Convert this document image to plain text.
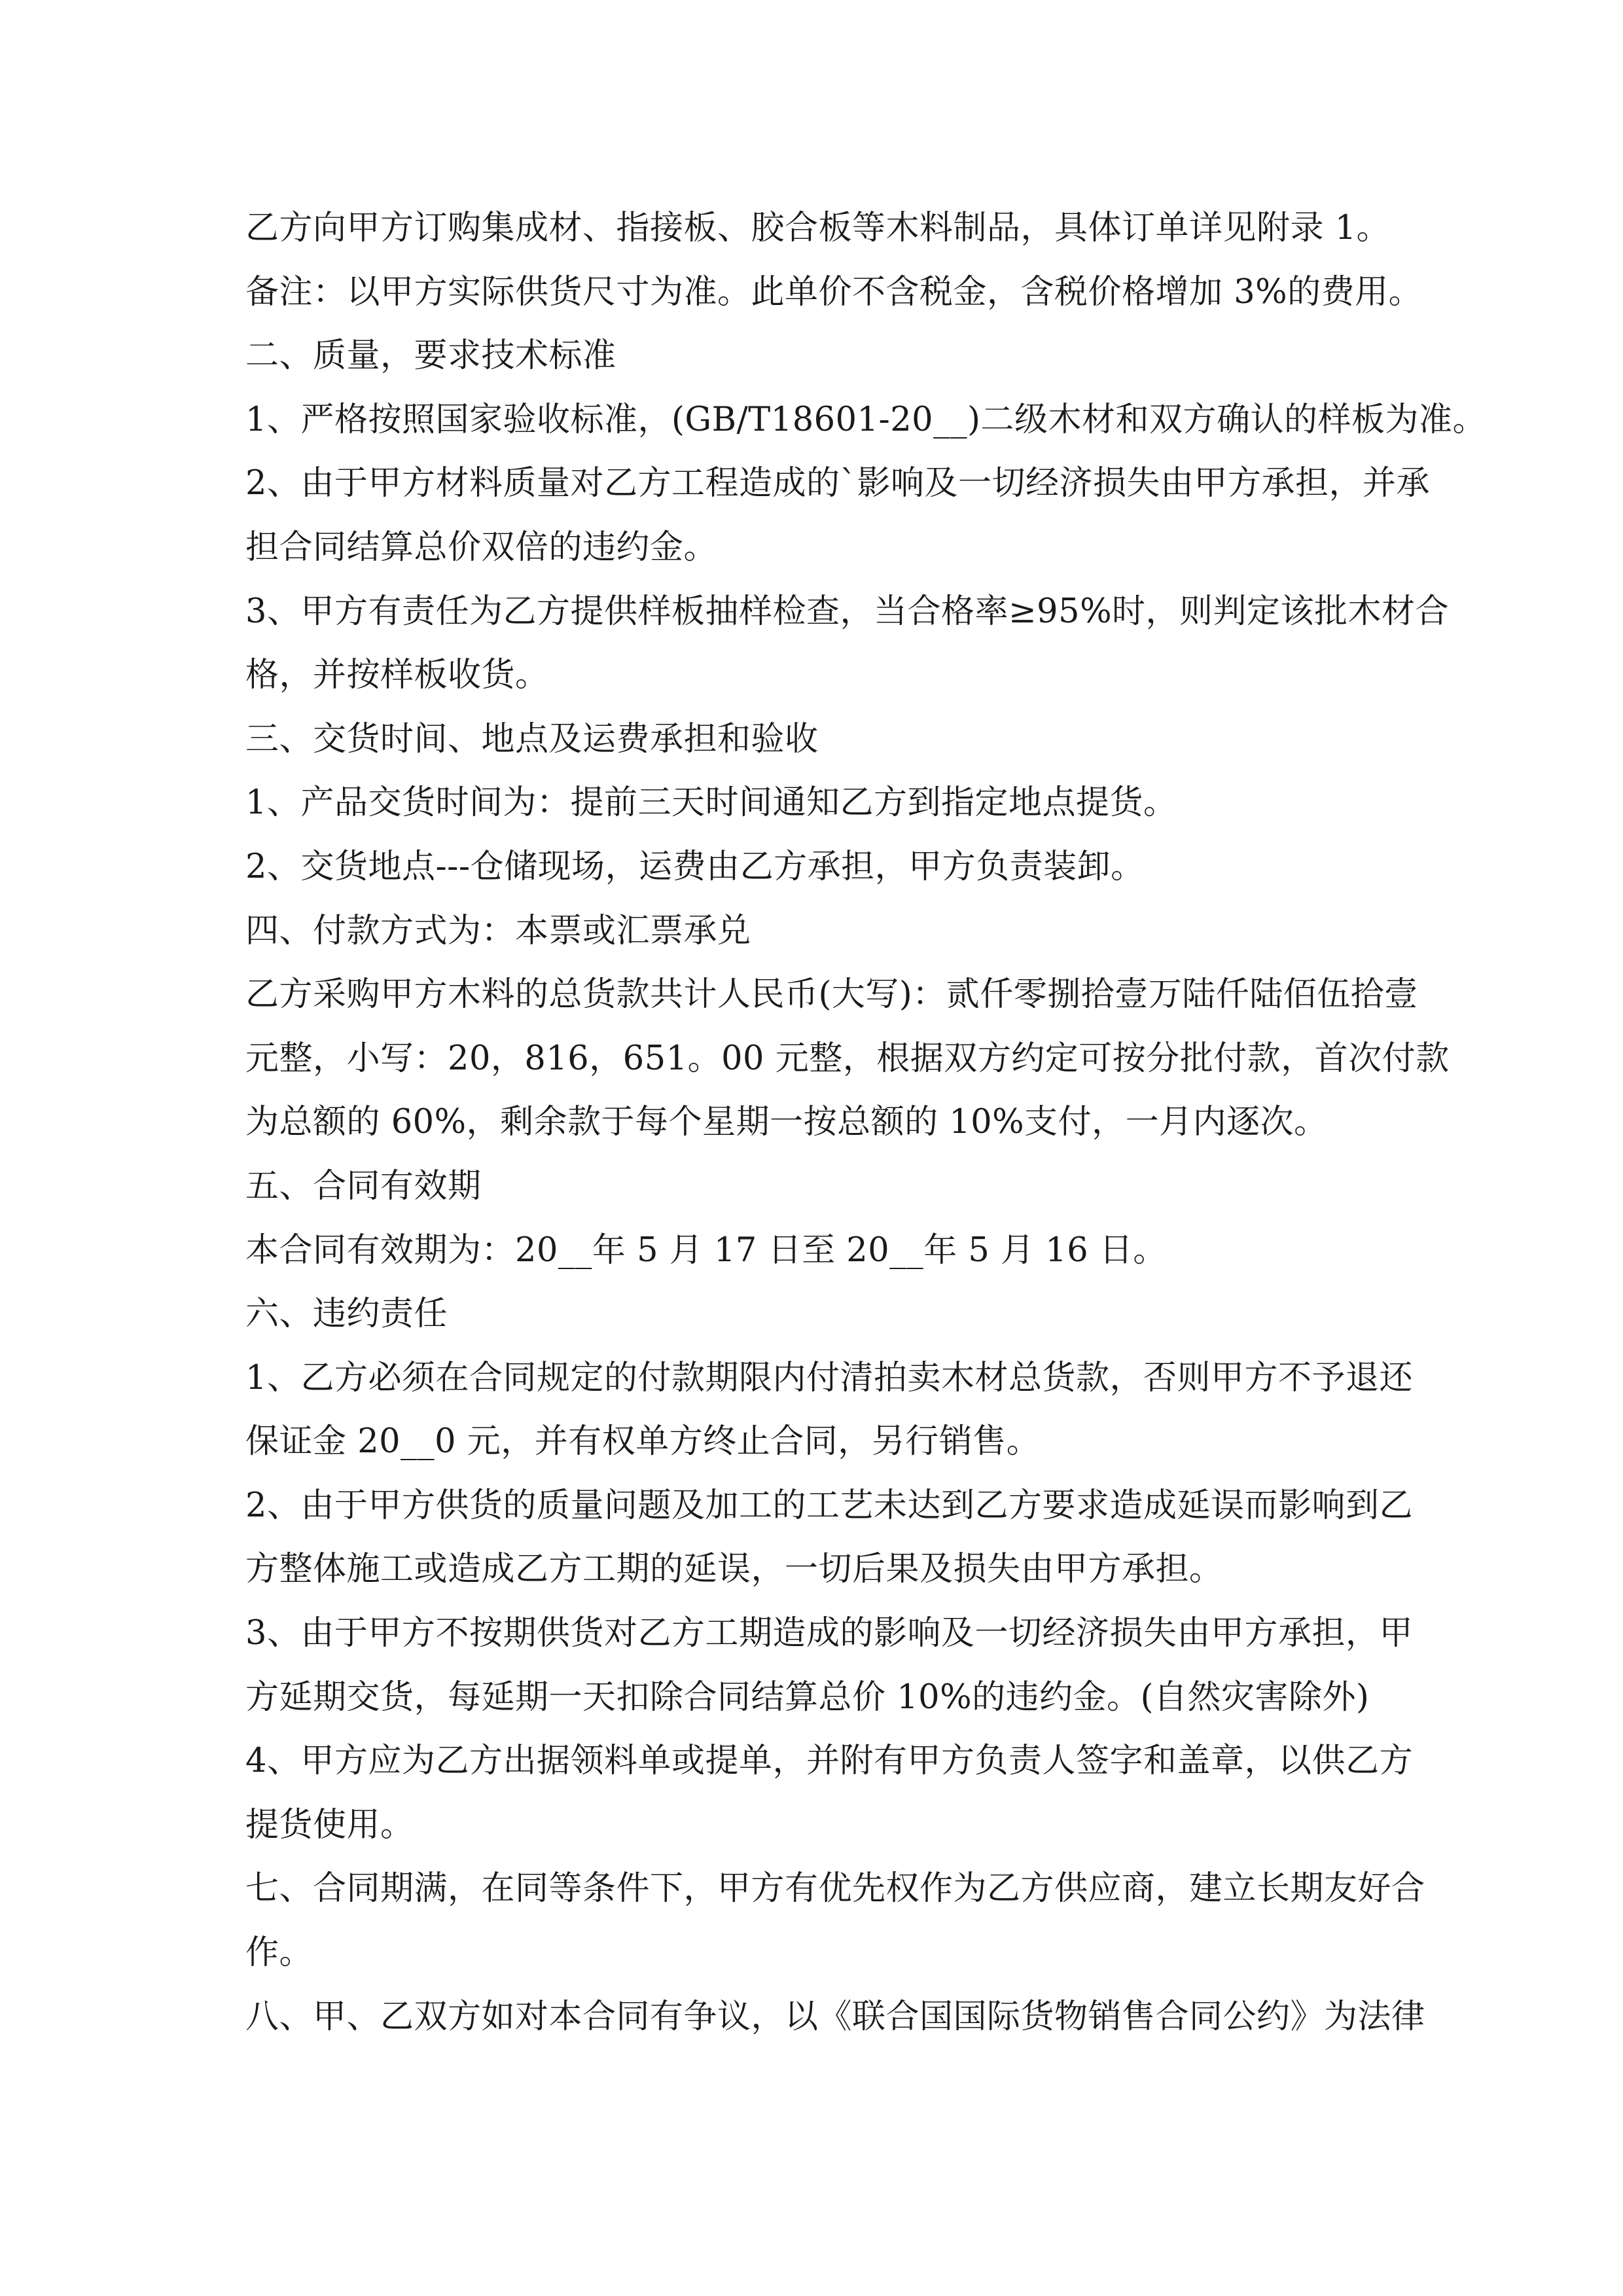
乙方向甲方订购集成材、指接板、胶合板等木料制品，具体订单详见附录 1。
备注：以甲方实际供货尺寸为准。此单价不含税金，含税价格增加 3%的费用。
二、质量，要求技术标准
1、严格按照国家验收标准，(GB/T18601-20__)二级木材和双方确认的样板为准。
2、由于甲方材料质量对乙方工程造成的`影响及一切经济损失由甲方承担，并承
担合同结算总价双倍的违约金。
3、甲方有责任为乙方提供样板抽样检查，当合格率≥95%时，则判定该批木材合
格，并按样板收货。
三、交货时间、地点及运费承担和验收
1、产品交货时间为：提前三天时间通知乙方到指定地点提货。
2、交货地点---仓储现场，运费由乙方承担，甲方负责装卸。
四、付款方式为：本票或汇票承兑
乙方采购甲方木料的总货款共计人民币(大写)：贰仟零捌拾壹万陆仟陆佰伍拾壹
元整，小写：20，816，651。00 元整，根据双方约定可按分批付款，首次付款
为总额的 60%，剩余款于每个星期一按总额的 10%支付，一月内逐次。
五、合同有效期
本合同有效期为：20__年 5 月 17 日至 20__年 5 月 16 日。
六、违约责任
1、乙方必须在合同规定的付款期限内付清拍卖木材总货款，否则甲方不予退还
保证金 20__0 元，并有权单方终止合同，另行销售。
2、由于甲方供货的质量问题及加工的工艺未达到乙方要求造成延误而影响到乙
方整体施工或造成乙方工期的延误，一切后果及损失由甲方承担。
3、由于甲方不按期供货对乙方工期造成的影响及一切经济损失由甲方承担，甲
方延期交货，每延期一天扣除合同结算总价 10%的违约金。(自然灾害除外)
4、甲方应为乙方出据领料单或提单，并附有甲方负责人签字和盖章，以供乙方
提货使用。
七、合同期满，在同等条件下，甲方有优先权作为乙方供应商，建立长期友好合
作。
八、甲、乙双方如对本合同有争议，以《联合国国际货物销售合同公约》为法律
